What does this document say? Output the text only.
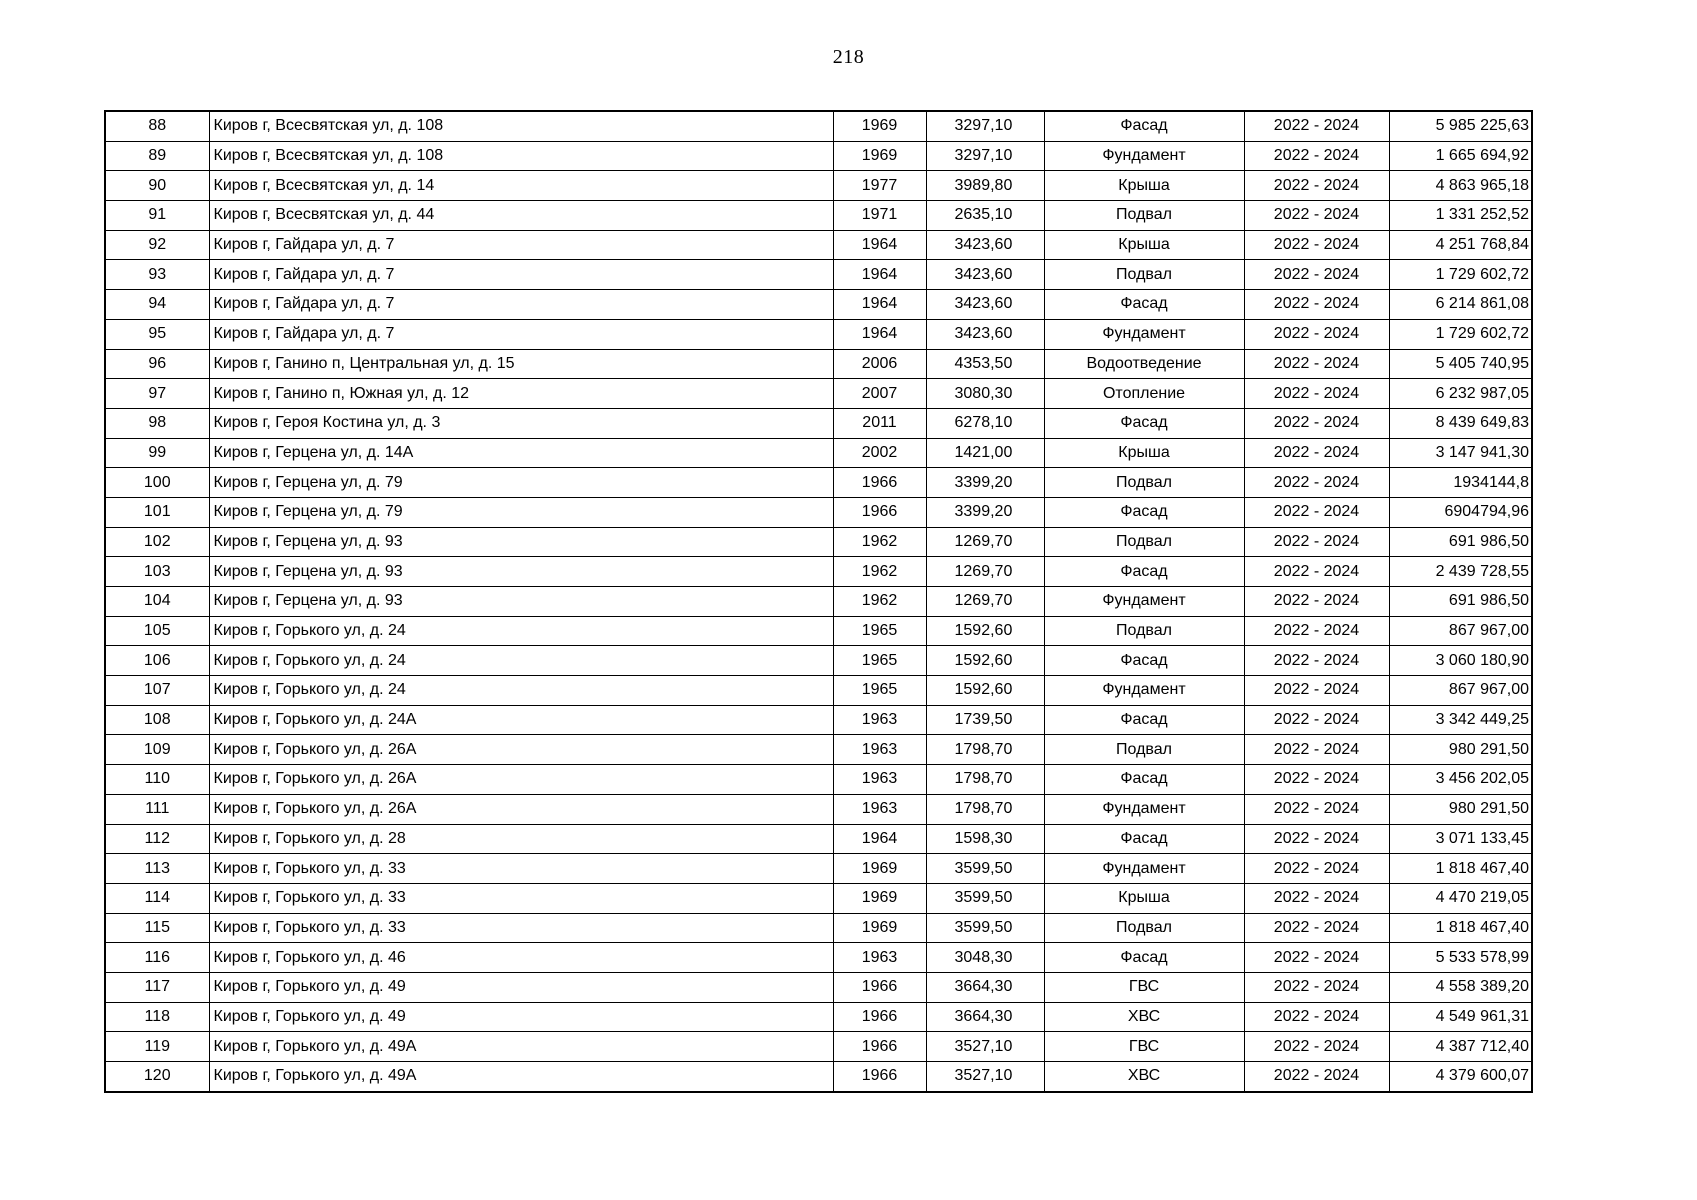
218
88	Киров г, Всесвятская ул, д. 108	1969	3297,10	Фасад	2022 - 2024	5 985 225,63
89	Киров г, Всесвятская ул, д. 108	1969	3297,10	Фундамент	2022 - 2024	1 665 694,92
90	Киров г, Всесвятская ул, д. 14	1977	3989,80	Крыша	2022 - 2024	4 863 965,18
91	Киров г, Всесвятская ул, д. 44	1971	2635,10	Подвал	2022 - 2024	1 331 252,52
92	Киров г, Гайдара ул, д. 7	1964	3423,60	Крыша	2022 - 2024	4 251 768,84
93	Киров г, Гайдара ул, д. 7	1964	3423,60	Подвал	2022 - 2024	1 729 602,72
94	Киров г, Гайдара ул, д. 7	1964	3423,60	Фасад	2022 - 2024	6 214 861,08
95	Киров г, Гайдара ул, д. 7	1964	3423,60	Фундамент	2022 - 2024	1 729 602,72
96	Киров г, Ганино п, Центральная ул, д. 15	2006	4353,50	Водоотведение	2022 - 2024	5 405 740,95
97	Киров г, Ганино п, Южная ул, д. 12	2007	3080,30	Отопление	2022 - 2024	6 232 987,05
98	Киров г, Героя Костина ул, д. 3	2011	6278,10	Фасад	2022 - 2024	8 439 649,83
99	Киров г, Герцена ул, д. 14А	2002	1421,00	Крыша	2022 - 2024	3 147 941,30
100	Киров г, Герцена ул, д. 79	1966	3399,20	Подвал	2022 - 2024	1934144,8
101	Киров г, Герцена ул, д. 79	1966	3399,20	Фасад	2022 - 2024	6904794,96
102	Киров г, Герцена ул, д. 93	1962	1269,70	Подвал	2022 - 2024	691 986,50
103	Киров г, Герцена ул, д. 93	1962	1269,70	Фасад	2022 - 2024	2 439 728,55
104	Киров г, Герцена ул, д. 93	1962	1269,70	Фундамент	2022 - 2024	691 986,50
105	Киров г, Горького ул, д. 24	1965	1592,60	Подвал	2022 - 2024	867 967,00
106	Киров г, Горького ул, д. 24	1965	1592,60	Фасад	2022 - 2024	3 060 180,90
107	Киров г, Горького ул, д. 24	1965	1592,60	Фундамент	2022 - 2024	867 967,00
108	Киров г, Горького ул, д. 24А	1963	1739,50	Фасад	2022 - 2024	3 342 449,25
109	Киров г, Горького ул, д. 26А	1963	1798,70	Подвал	2022 - 2024	980 291,50
110	Киров г, Горького ул, д. 26А	1963	1798,70	Фасад	2022 - 2024	3 456 202,05
111	Киров г, Горького ул, д. 26А	1963	1798,70	Фундамент	2022 - 2024	980 291,50
112	Киров г, Горького ул, д. 28	1964	1598,30	Фасад	2022 - 2024	3 071 133,45
113	Киров г, Горького ул, д. 33	1969	3599,50	Фундамент	2022 - 2024	1 818 467,40
114	Киров г, Горького ул, д. 33	1969	3599,50	Крыша	2022 - 2024	4 470 219,05
115	Киров г, Горького ул, д. 33	1969	3599,50	Подвал	2022 - 2024	1 818 467,40
116	Киров г, Горького ул, д. 46	1963	3048,30	Фасад	2022 - 2024	5 533 578,99
117	Киров г, Горького ул, д. 49	1966	3664,30	ГВС	2022 - 2024	4 558 389,20
118	Киров г, Горького ул, д. 49	1966	3664,30	ХВС	2022 - 2024	4 549 961,31
119	Киров г, Горького ул, д. 49А	1966	3527,10	ГВС	2022 - 2024	4 387 712,40
120	Киров г, Горького ул, д. 49А	1966	3527,10	ХВС	2022 - 2024	4 379 600,07
